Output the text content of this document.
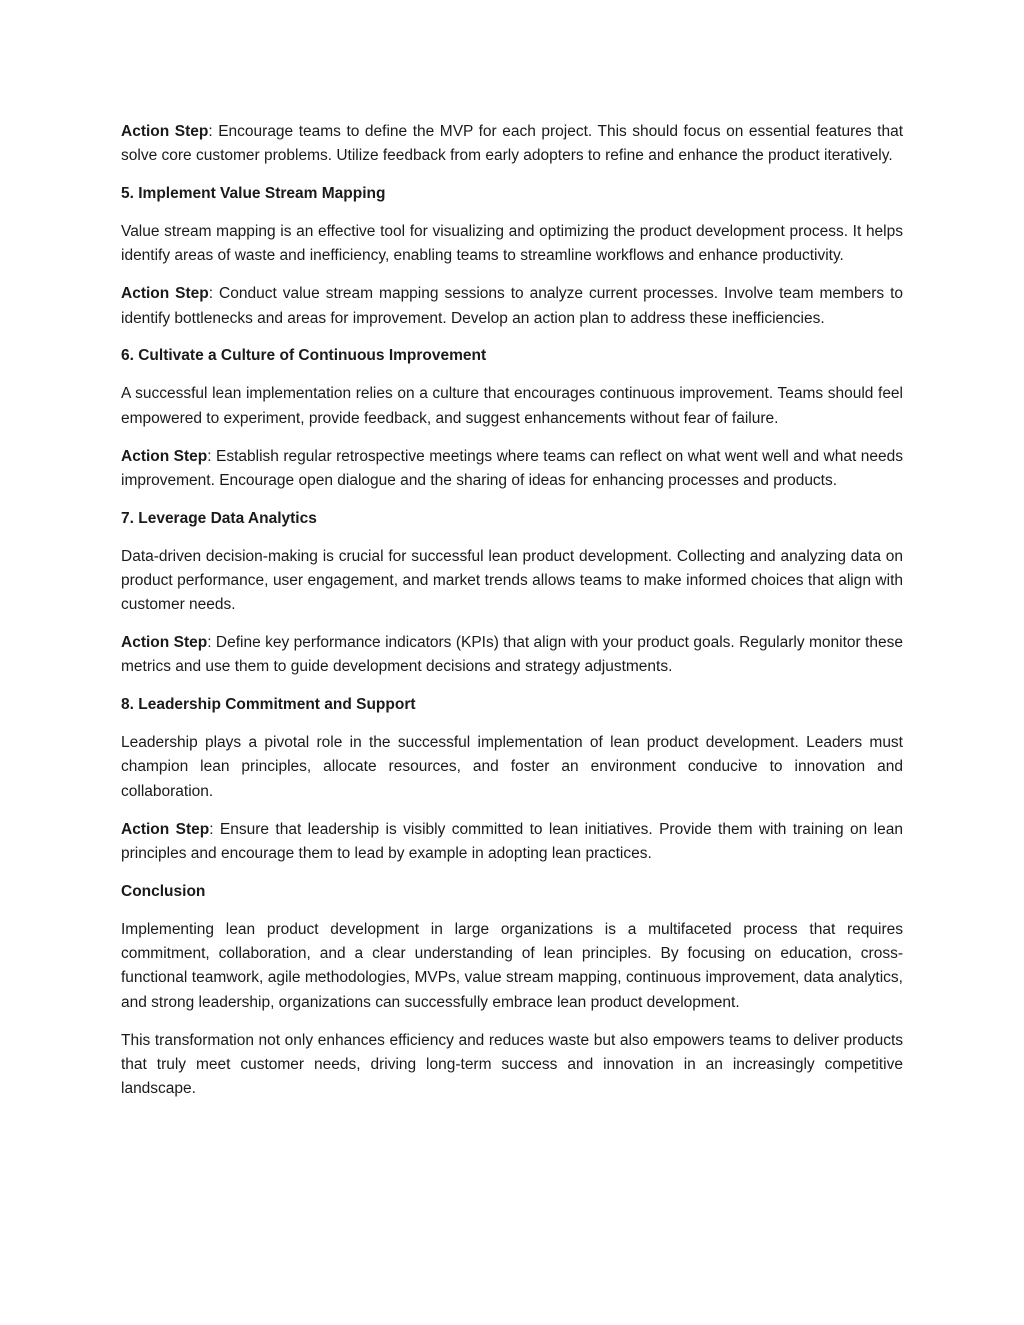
Action Step: Encourage teams to define the MVP for each project. This should focus on essential features that solve core customer problems. Utilize feedback from early adopters to refine and enhance the product iteratively.

5. Implement Value Stream Mapping

Value stream mapping is an effective tool for visualizing and optimizing the product development process. It helps identify areas of waste and inefficiency, enabling teams to streamline workflows and enhance productivity.

Action Step: Conduct value stream mapping sessions to analyze current processes. Involve team members to identify bottlenecks and areas for improvement. Develop an action plan to address these inefficiencies.

6. Cultivate a Culture of Continuous Improvement

A successful lean implementation relies on a culture that encourages continuous improvement. Teams should feel empowered to experiment, provide feedback, and suggest enhancements without fear of failure.

Action Step: Establish regular retrospective meetings where teams can reflect on what went well and what needs improvement. Encourage open dialogue and the sharing of ideas for enhancing processes and products.

7. Leverage Data Analytics

Data-driven decision-making is crucial for successful lean product development. Collecting and analyzing data on product performance, user engagement, and market trends allows teams to make informed choices that align with customer needs.

Action Step: Define key performance indicators (KPIs) that align with your product goals. Regularly monitor these metrics and use them to guide development decisions and strategy adjustments.

8. Leadership Commitment and Support

Leadership plays a pivotal role in the successful implementation of lean product development. Leaders must champion lean principles, allocate resources, and foster an environment conducive to innovation and collaboration.

Action Step: Ensure that leadership is visibly committed to lean initiatives. Provide them with training on lean principles and encourage them to lead by example in adopting lean practices.

Conclusion

Implementing lean product development in large organizations is a multifaceted process that requires commitment, collaboration, and a clear understanding of lean principles. By focusing on education, cross-functional teamwork, agile methodologies, MVPs, value stream mapping, continuous improvement, data analytics, and strong leadership, organizations can successfully embrace lean product development.

This transformation not only enhances efficiency and reduces waste but also empowers teams to deliver products that truly meet customer needs, driving long-term success and innovation in an increasingly competitive landscape.
